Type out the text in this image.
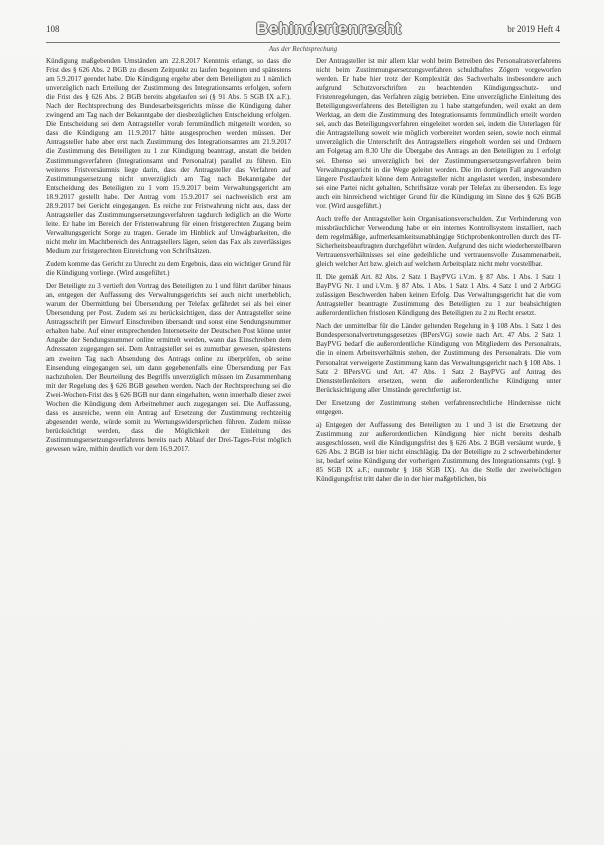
108	Behindertenrecht	br 2019 Heft 4
Aus der Rechtsprechung

Kündigung maßgebenden Umständen am 22.8.2017 Kenntnis erlangt, so dass die Frist des § 626 Abs. 2 BGB zu diesem Zeitpunkt zu laufen begonnen und spätestens am 5.9.2017 geendet habe. Die Kündigung ergehe aber dem Beteiligten zu 1 nämlich unverzüglich nach Erteilung der Zustimmung des Integrationsamts erfolgen, sofern die Frist des § 626 Abs. 2 BGB bereits abgelaufen sei (§ 91 Abs. 5 SGB IX a.F.). Nach der Rechtsprechung des Bundesarbeitsgerichts müsse die Kündigung daher zwingend am Tag nach der Bekanntgabe der diesbezüglichen Entscheidung erfolgen. Die Entscheidung sei dem Antragsteller vorab fernmündlich mitgeteilt worden, so dass die Kündigung am 11.9.2017 hätte ausgesprochen werden müssen. Der Antragsteller habe aber erst nach Zustimmung des Integrationsamtes am 21.9.2017 die Zustimmung des Beteiligten zu 1 zur Kündigung beantragt, anstatt die beiden Zustimmungsverfahren (Integrationsamt und Personalrat) parallel zu führen. Ein weiteres Fristversäumnis liege darin, dass der Antragsteller das Verfahren auf Zustimmungsersetzung nicht unverzüglich am Tag nach Bekanntgabe der Entscheidung des Beteiligten zu 1 vom 15.9.2017 beim Verwaltungsgericht am 18.9.2017 gestellt habe. Der Antrag vom 15.9.2017 sei nachweislich erst am 28.9.2017 bei Gericht eingegangen. Es reiche zur Fristwahrung nicht aus, dass der Antragsteller das Zustimmungsersetzungsverfahren tagdurch lediglich an die Worte leite. Er habe im Bereich der Fristenwahrung für einen fristgerechten Zugang beim Verwaltungsgericht Sorge zu tragen. Gerade im Hinblick auf Unwägbarkeiten, die nicht mehr im Machtbereich des Antragstellers lägen, seien das Fax als zuverlässiges Medium zur fristgerechten Einreichung von Schriftsätzen.

Zudem komme das Gericht zu Unrecht zu dem Ergebnis, dass ein wichtiger Grund für die Kündigung vorliege. (Wird ausgeführt.)

Der Beteiligte zu 3 vertieft den Vortrag des Beteiligten zu 1 und führt darüber hinaus an, entgegen der Auffassung des Verwaltungsgerichts sei auch nicht unerheblich, warum der Übermittlung bei Übersendung per Telefax gefährdet sei als bei einer Übersendung per Post. Zudem sei zu berücksichtigen, dass der Antragsteller seine Antragsschrift per Einwurf Einschreiben übersandt und sonst eine Sendungsnummer erhalten habe. Auf einer entsprechenden Internetseite der Deutschen Post könne unter Angabe der Sendungsnummer online ermittelt werden, wann das Einschreiben dem Adressaten zugegangen sei. Dem Antragsteller sei es zumutbar gewesen, spätestens am zweiten Tag nach Absendung des Antrags online zu überprüfen, ob seine Einsendung eingegangen sei, um dann gegebenenfalls eine Übersendung per Fax nachzuholen. Der Beurteilung des Begriffs unverzüglich müssen im Zusammenhang mit der Regelung des § 626 BGB gesehen werden. Nach der Rechtsprechung sei die Zwei-Wochen-Frist des § 626 BGB nur dann eingehalten, wenn innerhalb dieser zwei Wochen die Kündigung dem Arbeitnehmer auch zugegangen sei. Die Auffassung, dass es ausreiche, wenn ein Antrag auf Ersetzung der Zustimmung rechtzeitig abgesendet werde, würde somit zu Wertungswidersprüchen führen. Zudem müsse berücksichtigt werden, dass die Möglichkeit der Einleitung des Zustimmungsersetzungsverfahrens bereits nach Ablauf der Drei-Tages-Frist möglich gewesen wäre, mithin deutlich vor dem 16.9.2017.

Der Antragsteller ist mir allem klar wohl beim Betreiben des Personalratsverfahrens nicht beim Zustimmungsersetzungsverfahren schuldhaftes Zögern vorgeworfen werden. Er habe hier trotz der Komplexität des Sachverhalts insbesondere auch aufgrund Schutzvorschriften zu beachtenden Kündigungsschutz- und Fristenregelungen, das Verfahren zügig betrieben. Eine unverzügliche Einleitung des Beteiligungsverfahrens des Beteiligten zu 1 habe stattgefunden, weil exakt an dem Werktag, an dem die Zustimmung des Integrationsamts fernmündlich erteilt worden sei, auch das Beteiligungsverfahren eingeleitet worden sei, indem die Unterlagen für die Antragstellung soweit wie möglich vorbereitet worden seien, sowie noch einmal unverzüglich die Unterschrift des Antragstellers eingeholt worden sei und Ordnern am Folgetag am 8.30 Uhr die Übergabe des Antrags an den Beteiligten zu 1 erfolgt sei. Ebenso sei unverzüglich bei der Zustimmungsersetzungsverfahren beim Verwaltungsgericht in die Wege geleitet worden. Die im dortigen Fall angewandten längere Postlaufzeit könne dem Antragsteller nicht angelastet werden, insbesondere sei eine Partei nicht gehalten, Schriftsätze vorab per Telefax zu übersenden. Es lege auch ein hinreichend wichtiger Grund für die Kündigung im Sinne des § 626 BGB vor. (Wird ausgeführt.)

Auch treffe der Antragsteller kein Organisationsverschulden. Zur Verhinderung von missbräuchlicher Verwendung habe er ein internes Kontrollsystem installiert, nach dem regelmäßige, aufmerksamkeitsunabhängige Stichprobenkontrollen durch des IT-Sicherheitsbeauftragten durchgeführt würden. Aufgrund des nicht wiederherstellbaren Vertrauensverhältnisses sei eine gedeihliche und vertrauensvolle Zusammenarbeit, gleich welcher Art bzw. gleich auf welchem Arbeitsplatz nicht mehr vorstellbar.

II. Die gemäß Art. 82 Abs. 2 Satz 1 BayPVG i.V.m. § 87 Abs. 1 Abs. 1 Satz 1 BayPVG Nr. 1 und i.V.m. § 87 Abs. 1 Abs. 1 Satz 1 Abs. 4 Satz 1 und 2 ArbGG zulässigen Beschwerden haben keinen Erfolg. Das Verwaltungsgericht hat die vom Antragsteller beantragte Zustimmung des Beteiligten zu 1 zur beabsichtigten außerordentlichen fristlosen Kündigung des Beteiligten zu 2 zu Recht ersetzt.

Nach der unmittelbar für die Länder geltenden Regelung in § 108 Abs. 1 Satz 1 des Bundespersonalvertretungsgesetzes (BPersVG) sowie nach Art. 47 Abs. 2 Satz 1 BayPVG bedarf die außerordentliche Kündigung von Mitgliedern des Personalrats, die in einem Arbeitsverhältnis stehen, der Zustimmung des Personalrats. Die vom Personalrat verweigerte Zustimmung kann das Verwaltungsgericht nach § 108 Abs. 1 Satz 2 BPersVG und Art. 47 Abs. 1 Satz 2 BayPVG auf Antrag des Dienststellenleiters ersetzen, wenn die außerordentliche Kündigung unter Berücksichtigung aller Umstände gerechtfertigt ist.

Der Ersetzung der Zustimmung stehen verfahrensrechtliche Hindernisse nicht entgegen.

a) Entgegen der Auffassung des Beteiligten zu 1 und 3 ist die Ersetzung der Zustimmung zur außerordentlichen Kündigung hier nicht bereits deshalb ausgeschlossen, weil die Kündigungsfrist des § 626 Abs. 2 BGB versäumt wurde, § 626 Abs. 2 BGB ist hier nicht einschlägig. Da der Beteiligte zu 2 schwerbehinderter ist, bedarf seine Kündigung der vorherigen Zustimmung des Integrationsamts (vgl. § 85 SGB IX a.F.; nunmehr § 168 SGB IX). An die Stelle der zweiwöchigen Kündigungsfrist tritt daher die in der hier maßgeblichen, bis
